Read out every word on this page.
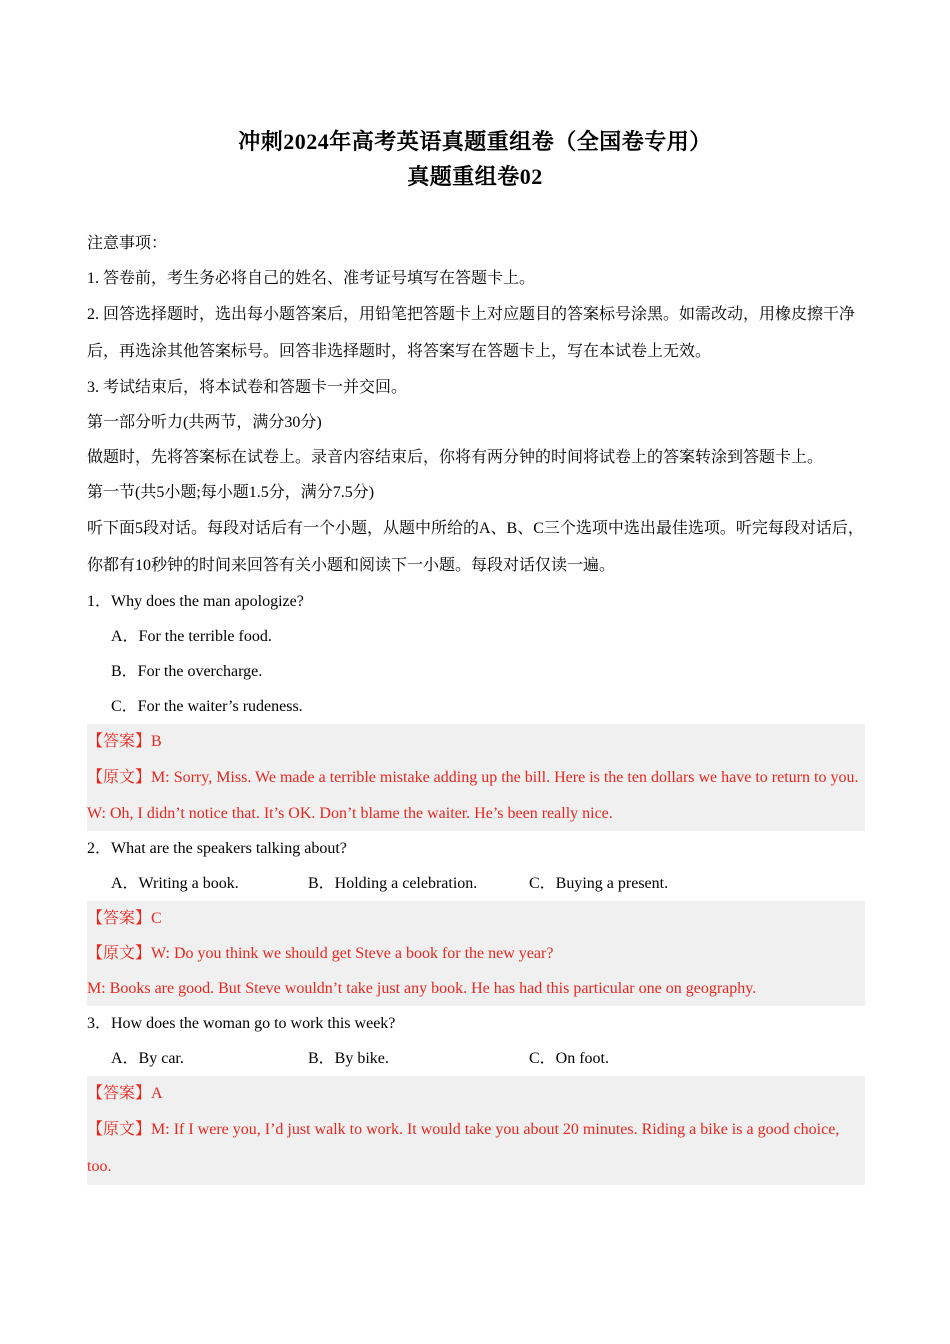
冲刺2024年高考英语真题重组卷（全国卷专用）
真题重组卷02
注意事项：
1. 答卷前，考生务必将自己的姓名、准考证号填写在答题卡上。
2. 回答选择题时，选出每小题答案后，用铅笔把答题卡上对应题目的答案标号涂黑。如需改动，用橡皮擦干净后，再选涂其他答案标号。回答非选择题时，将答案写在答题卡上，写在本试卷上无效。
3. 考试结束后，将本试卷和答题卡一并交回。
第一部分听力(共两节，满分30分)
做题时，先将答案标在试卷上。录音内容结束后，你将有两分钟的时间将试卷上的答案转涂到答题卡上。
第一节(共5小题;每小题1.5分，满分7.5分)
听下面5段对话。每段对话后有一个小题，从题中所给的A、B、C三个选项中选出最佳选项。听完每段对话后，你都有10秒钟的时间来回答有关小题和阅读下一小题。每段对话仅读一遍。
1．Why does the man apologize?
A．For the terrible food.
B．For the overcharge.
C．For the waiter’s rudeness.
【答案】B
【原文】M: Sorry, Miss. We made a terrible mistake adding up the bill. Here is the ten dollars we have to return to you.
W: Oh, I didn’t notice that. It’s OK. Don’t blame the waiter. He’s been really nice.
2．What are the speakers talking about?
A．Writing a book.	B．Holding a celebration.	C．Buying a present.
【答案】C
【原文】W: Do you think we should get Steve a book for the new year?
M: Books are good. But Steve wouldn’t take just any book. He has had this particular one on geography.
3．How does the woman go to work this week?
A．By car.	B．By bike.	C．On foot.
【答案】A
【原文】M: If I were you, I’d just walk to work. It would take you about 20 minutes. Riding a bike is a good choice, too.
